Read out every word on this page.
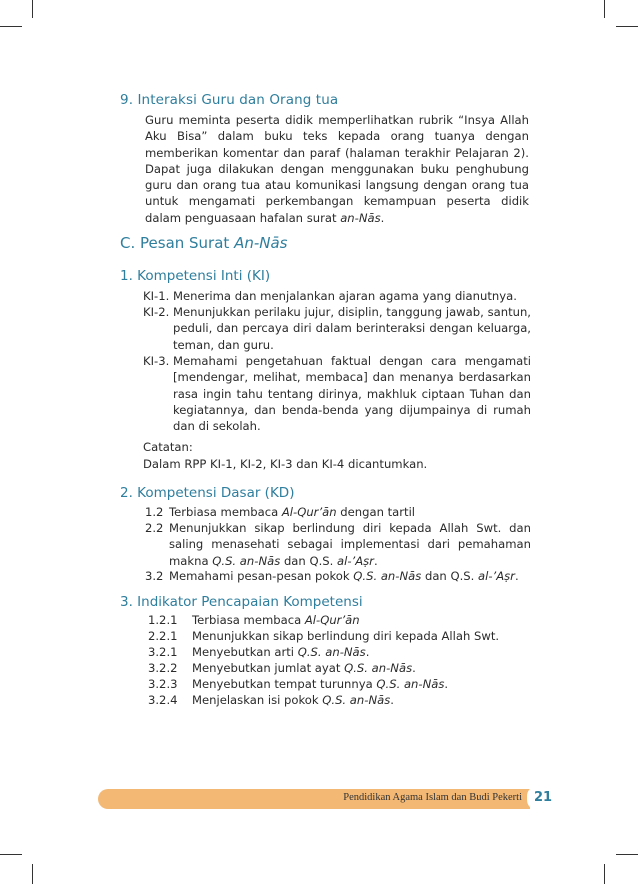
9. Interaksi Guru dan Orang tua

Guru meminta peserta didik memperlihatkan rubrik “Insya Allah Aku Bisa” dalam buku teks kepada orang tuanya dengan memberikan komentar dan paraf (halaman terakhir Pelajaran 2). Dapat juga dilakukan dengan menggunakan buku penghubung guru dan orang tua atau komunikasi langsung dengan orang tua untuk mengamati perkembangan kemampuan peserta didik dalam penguasaan hafalan surat an-Nās.

C. Pesan Surat An-Nās
1. Kompetensi Inti (KI)
KI-1. Menerima dan menjalankan ajaran agama yang dianutnya.
KI-2. Menunjukkan perilaku jujur, disiplin, tanggung jawab, santun, peduli, dan percaya diri dalam berinteraksi dengan keluarga, teman, dan guru.
KI-3. Memahami pengetahuan faktual dengan cara mengamati [mendengar, melihat, membaca] dan menanya berdasarkan rasa ingin tahu tentang dirinya, makhluk ciptaan Tuhan dan kegiatannya, dan benda-benda yang dijumpainya di rumah dan di sekolah.
Catatan:
Dalam RPP KI-1, KI-2, KI-3 dan KI-4 dicantumkan.
2. Kompetensi Dasar (KD)
1.2 Terbiasa membaca Al-Qur’ān dengan tartil
2.2 Menunjukkan sikap berlindung diri kepada Allah Swt. dan saling menasehati sebagai implementasi dari pemahaman makna Q.S. an-Nās dan Q.S. al-’Aṣr.
3.2 Memahami pesan-pesan pokok Q.S. an-Nās dan Q.S. al-’Aṣr.
3. Indikator Pencapaian Kompetensi
1.2.1 Terbiasa membaca Al-Qur’ān
2.2.1 Menunjukkan sikap berlindung diri kepada Allah Swt.
3.2.1 Menyebutkan arti Q.S. an-Nās.
3.2.2 Menyebutkan jumlat ayat Q.S. an-Nās.
3.2.3 Menyebutkan tempat turunnya Q.S. an-Nās.
3.2.4 Menjelaskan isi pokok Q.S. an-Nās.
Pendidikan Agama Islam dan Budi Pekerti 21
